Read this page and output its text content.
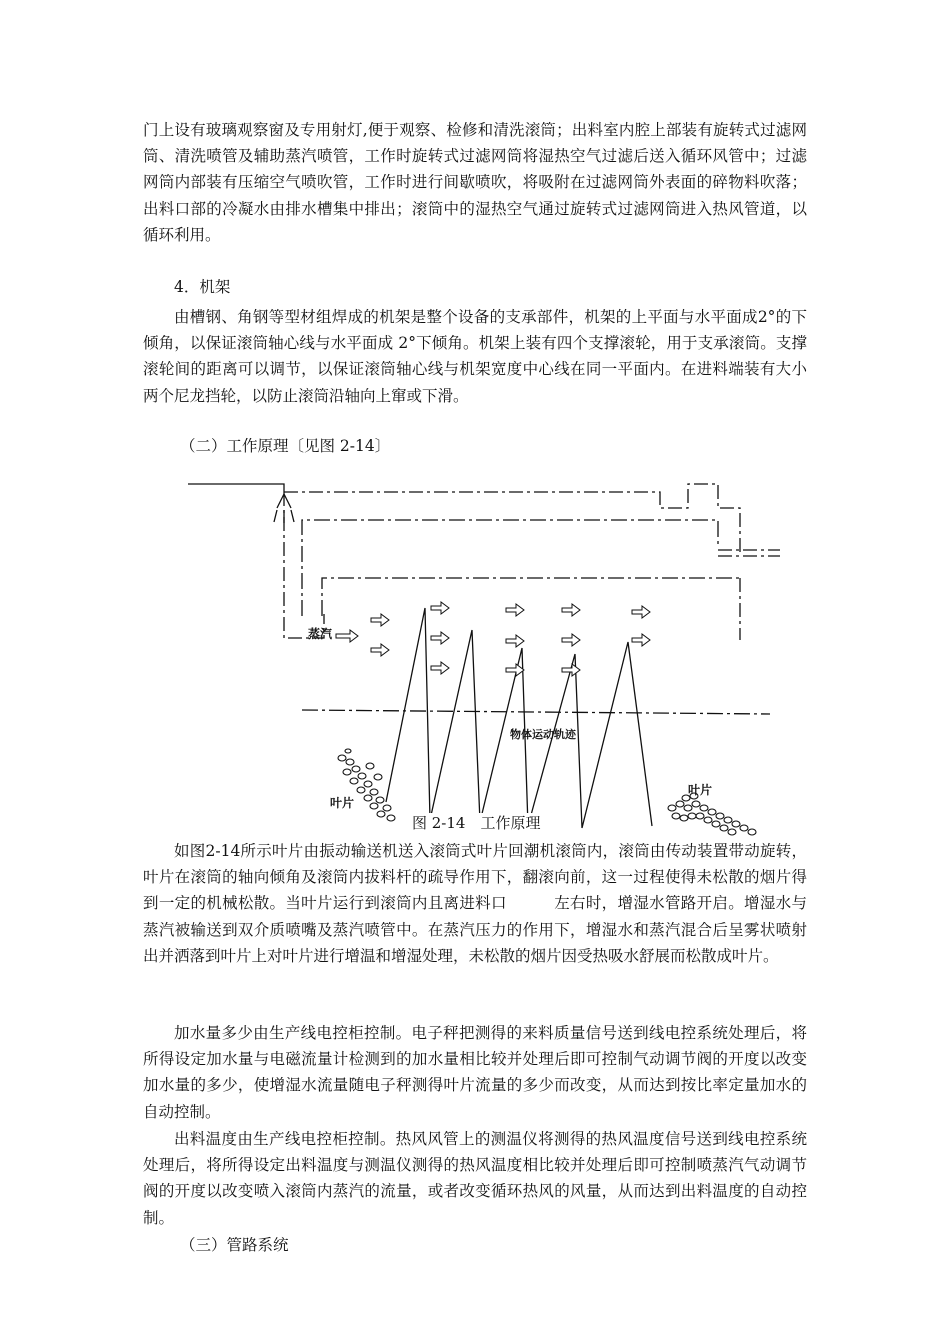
门上设有玻璃观察窗及专用射灯,便于观察、检修和清洗滚筒；出料室内腔上部装有旋转式过滤网筒、清洗喷管及辅助蒸汽喷管，工作时旋转式过滤网筒将湿热空气过滤后送入循环风管中；过滤网筒内部装有压缩空气喷吹管，工作时进行间歇喷吹，将吸附在过滤网筒外表面的碎物料吹落；出料口部的冷凝水由排水槽集中排出；滚筒中的湿热空气通过旋转式过滤网筒进入热风管道，以循环利用。

4．机架

由槽钢、角钢等型材组焊成的机架是整个设备的支承部件，机架的上平面与水平面成2°的下倾角，以保证滚筒轴心线与水平面成 2°下倾角。机架上装有四个支撑滚轮，用于支承滚筒。支撑滚轮间的距离可以调节，以保证滚筒轴心线与机架宽度中心线在同一平面内。在进料端装有大小两个尼龙挡轮，以防止滚筒沿轴向上窜或下滑。

（二）工作原理〔见图 2-14〕

蒸汽
物体运动轨迹
叶片
叶片
图 2-14　工作原理

如图2-14所示叶片由振动输送机送入滚筒式叶片回潮机滚筒内，滚筒由传动装置带动旋转，叶片在滚筒的轴向倾角及滚筒内拔料杆的疏导作用下，翻滚向前，这一过程使得未松散的烟片得到一定的机械松散。当叶片运行到滚筒内且离进料口　　　左右时，增湿水管路开启。增湿水与蒸汽被输送到双介质喷嘴及蒸汽喷管中。在蒸汽压力的作用下，增湿水和蒸汽混合后呈雾状喷射出并洒落到叶片上对叶片进行增温和增湿处理，未松散的烟片因受热吸水舒展而松散成叶片。

加水量多少由生产线电控柜控制。电子秤把测得的来料质量信号送到线电控系统处理后，将所得设定加水量与电磁流量计检测到的加水量相比较并处理后即可控制气动调节阀的开度以改变加水量的多少，使增湿水流量随电子秤测得叶片流量的多少而改变，从而达到按比率定量加水的自动控制。

出料温度由生产线电控柜控制。热风风管上的测温仪将测得的热风温度信号送到线电控系统处理后，将所得设定出料温度与测温仪测得的热风温度相比较并处理后即可控制喷蒸汽气动调节阀的开度以改变喷入滚筒内蒸汽的流量，或者改变循环热风的风量，从而达到出料温度的自动控制。

（三）管路系统
